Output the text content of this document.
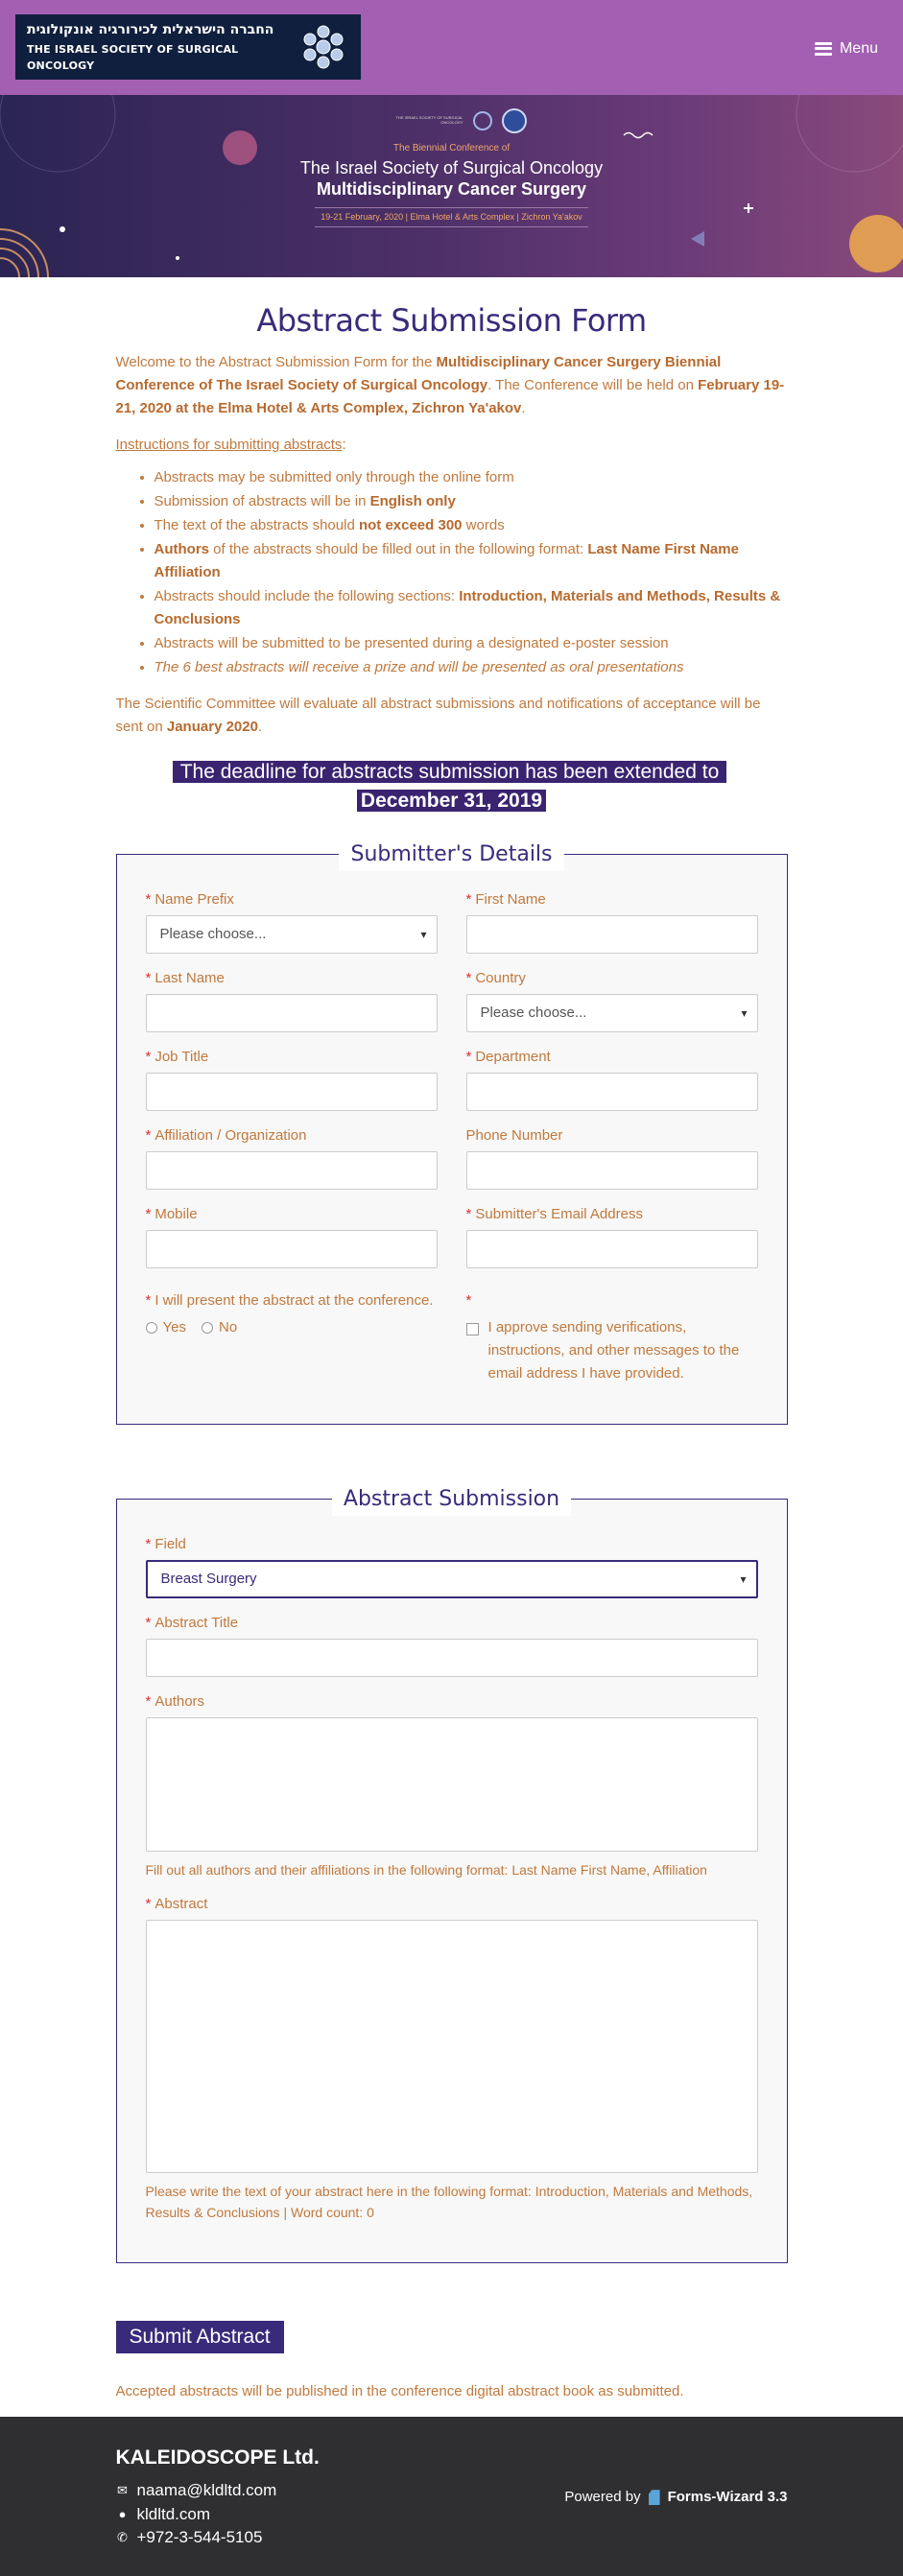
החברה הישראלית לכירורגיה אונקולוגית
THE ISRAEL SOCIETY OF SURGICAL ONCOLOGY
Menu
THE ISRAEL SOCIETY OF SURGICAL ONCOLOGY
The Biennial Conference of
The Israel Society of Surgical Oncology
Multidisciplinary Cancer Surgery
19-21 February, 2020 | Elma Hotel & Arts Complex | Zichron Ya'akov
Abstract Submission Form

Welcome to the Abstract Submission Form for the Multidisciplinary Cancer Surgery Biennial Conference of The Israel Society of Surgical Oncology. The Conference will be held on February 19-21, 2020 at the Elma Hotel & Arts Complex, Zichron Ya'akov.

Instructions for submitting abstracts:
• Abstracts may be submitted only through the online form
• Submission of abstracts will be in English only
• The text of the abstracts should not exceed 300 words
• Authors of the abstracts should be filled out in the following format: Last Name First Name Affiliation
• Abstracts should include the following sections: Introduction, Materials and Methods, Results & Conclusions
• Abstracts will be submitted to be presented during a designated e-poster session
• The 6 best abstracts will receive a prize and will be presented as oral presentations

The Scientific Committee will evaluate all abstract submissions and notifications of acceptance will be sent on January 2020.

The deadline for abstracts submission has been extended to December 31, 2019
Submitter's Details
* Name Prefix
Please choose... ▾
* First Name
* Last Name	* Country
Please choose... ▾
* Job Title	* Department
* Affiliation / Organization	Phone Number
* Mobile	* Submitter's Email Address
* I will present the abstract at the conference.
Yes No
*
I approve sending verifications, instructions, and other messages to the email address I have provided.
Abstract Submission
* Field
Breast Surgery ▾
* Abstract Title
* Authors
Fill out all authors and their affiliations in the following format: Last Name First Name, Affiliation
* Abstract
Please write the text of your abstract here in the following format: Introduction, Materials and Methods, Results & Conclusions | Word count: 0
Submit Abstract

Accepted abstracts will be published in the conference digital abstract book as submitted.

KALEIDOSCOPE Ltd.
✉ naama@kldltd.com
● kldltd.com
✆ +972-3-544-5105
Powered by Forms-Wizard 3.3
